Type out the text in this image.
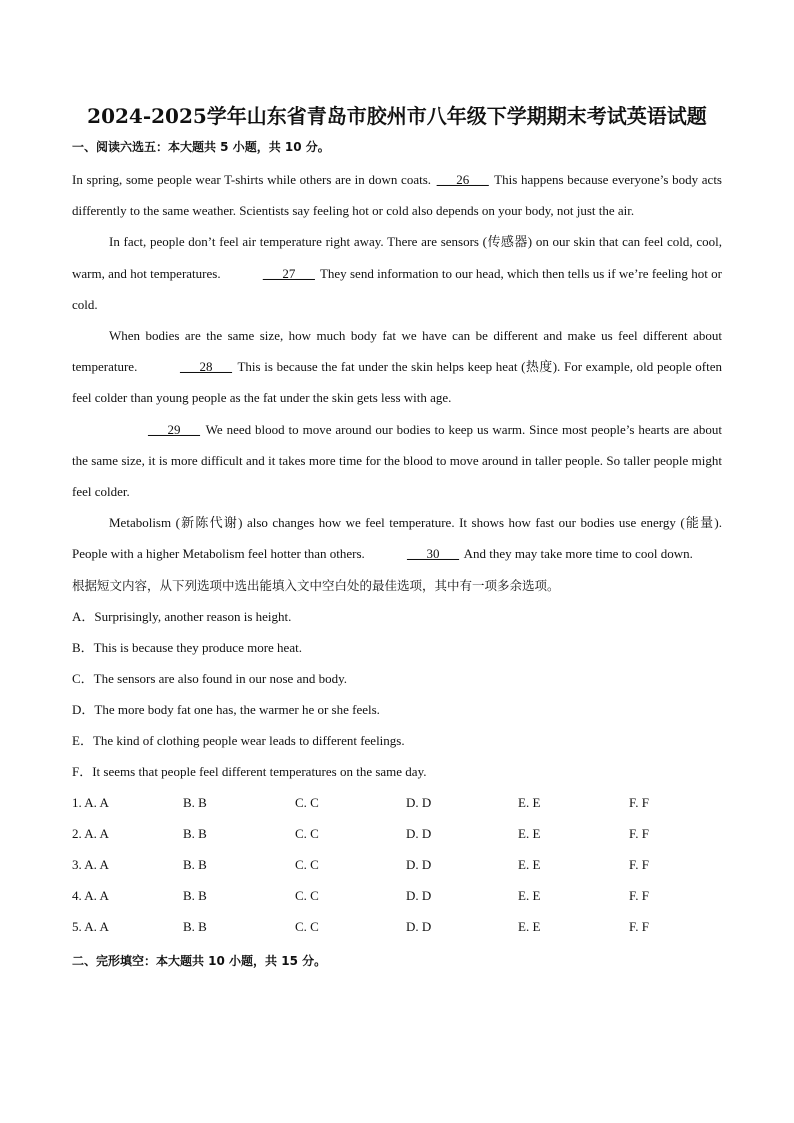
2024-2025学年山东省青岛市胶州市八年级下学期期末考试英语试题
一、阅读六选五：本大题共 5 小题，共 10 分。

In spring, some people wear T-shirts while others are in down coats. ___26___ This happens because everyone’s body acts differently to the same weather. Scientists say feeling hot or cold also depends on your body, not just the air.

In fact, people don’t feel air temperature right away. There are sensors (传感器) on our skin that can feel cold, cool, warm, and hot temperatures.	___27___ They send information to our head, which then tells us if we’re feeling hot or cold.

When bodies are the same size, how much body fat we have can be different and make us feel different about temperature.	___28___ This is because the fat under the skin helps keep heat (热度). For example, old people often feel colder than young people as the fat under the skin gets less with age.

___29___ We need blood to move around our bodies to keep us warm. Since most people’s hearts are about the same size, it is more difficult and it takes more time for the blood to move around in taller people. So taller people might feel colder.

Metabolism (新陈代谢) also changes how we feel temperature. It shows how fast our bodies use energy (能量). People with a higher Metabolism feel hotter than others.	___30___ And they may take more time to cool down.

根据短文内容，从下列选项中选出能填入文中空白处的最佳选项，其中有一项多余选项。
A．Surprisingly, another reason is height.
B．This is because they produce more heat.
C．The sensors are also found in our nose and body.
D．The more body fat one has, the warmer he or she feels.
E．The kind of clothing people wear leads to different feelings.
F．It seems that people feel different temperatures on the same day.
1. A. A	B. B	C. C	D. D	E. E	F. F
2. A. A	B. B	C. C	D. D	E. E	F. F
3. A. A	B. B	C. C	D. D	E. E	F. F
4. A. A	B. B	C. C	D. D	E. E	F. F
5. A. A	B. B	C. C	D. D	E. E	F. F
二、完形填空：本大题共 10 小题，共 15 分。
